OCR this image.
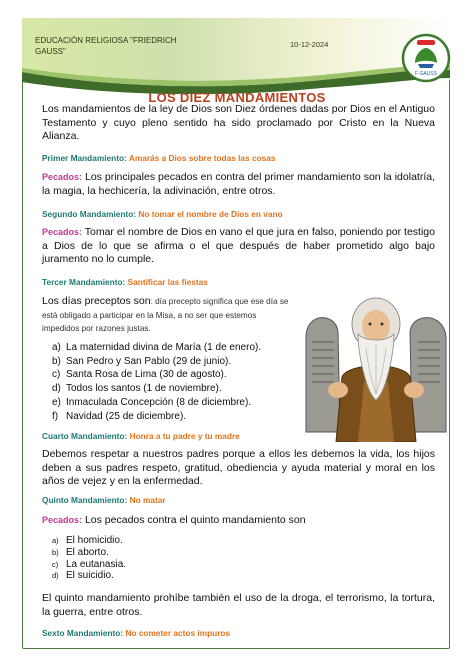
EDUCACIÓN RELIGIOSA "FRIEDRICH GAUSS"
10-12-2024
F GAUSS
LOS DIEZ MANDAMIENTOS
Los mandamientos de la ley de Dios son Diez órdenes dadas por Dios en el Antiguo Testamento y cuyo pleno sentido ha sido proclamado por Cristo en la Nueva Alianza.
Primer Mandamiento: Amarás a Dios sobre todas las cosas
Pecados: Los principales pecados en contra del primer mandamiento son la idolatría, la magia, la hechicería, la adivinación, entre otros.
Segundo Mandamiento: No tomar el nombre de Dios en vano
Pecados: Tomar el nombre de Dios en vano el que jura en falso, poniendo por testigo a Dios de lo que se afirma o el que después de haber prometido algo bajo juramento no lo cumple.
Tercer Mandamiento: Santificar las fiestas
Los días preceptos son: día precepto significa que ese día se está obligado a participar en la Misa, a no ser que estemos impedidos por razones justas.
a) La maternidad divina de María (1 de enero).
b) San Pedro y San Pablo (29 de junio).
c) Santa Rosa de Lima (30 de agosto).
d) Todos los santos (1 de noviembre).
e) Inmaculada Concepción (8 de diciembre).
f) Navidad (25 de diciembre).
Cuarto Mandamiento: Honra a tu padre y tu madre
Debemos respetar a nuestros padres porque a ellos les debemos la vida, los hijos deben a sus padres respeto, gratitud, obediencia y ayuda material y moral en los años de vejez y en la enfermedad.
Quinto Mandamiento: No matar
Pecados: Los pecados contra el quinto mandamiento son
a) El homicidio.
b) El aborto.
c) La eutanasia.
d) El suicidio.
El quinto mandamiento prohíbe también el uso de la droga, el terrorismo, la tortura, la guerra, entre otros.
Sexto Mandamiento: No cometer actos impuros
